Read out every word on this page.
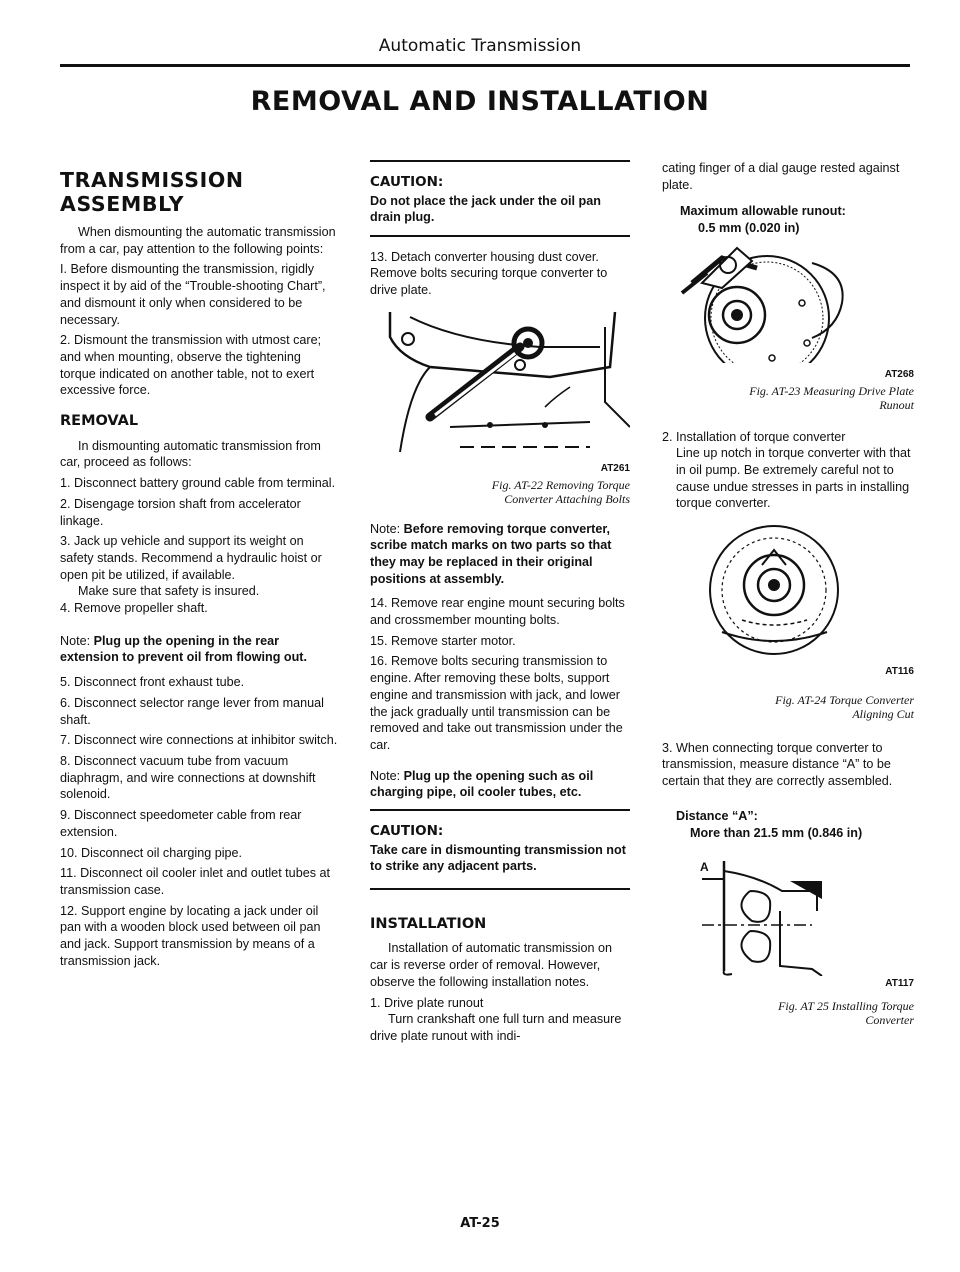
Automatic Transmission
REMOVAL AND INSTALLATION
TRANSMISSION
ASSEMBLY

When dismounting the automatic transmission from a car, pay attention to the following points:

I. Before dismounting the transmission, rigidly inspect it by aid of the “Trouble-shooting Chart”, and dismount it only when considered to be necessary.

2. Dismount the transmission with utmost care; and when mounting, observe the tightening torque indicated on another table, not to exert excessive force.

REMOVAL

In dismounting automatic transmission from car, proceed as follows:

1. Disconnect battery ground cable from terminal.

2. Disengage torsion shaft from accelerator linkage.

3. Jack up vehicle and support its weight on safety stands. Recommend a hydraulic hoist or open pit be utilized, if available.

Make sure that safety is insured.

4. Remove propeller shaft.

Note: Plug up the opening in the rear extension to prevent oil from flowing out.

5. Disconnect front exhaust tube.

6. Disconnect selector range lever from manual shaft.

7. Disconnect wire connections at inhibitor switch.

8. Disconnect vacuum tube from vacuum diaphragm, and wire connections at downshift solenoid.

9. Disconnect speedometer cable from rear extension.

10. Disconnect oil charging pipe.

11. Disconnect oil cooler inlet and outlet tubes at transmission case.

12. Support engine by locating a jack under oil pan with a wooden block used between oil pan and jack. Support transmission by means of a transmission jack.

CAUTION:
Do not place the jack under the oil pan drain plug.

13. Detach converter housing dust cover. Remove bolts securing torque converter to drive plate.

AT261
Fig. AT-22 Removing Torque
Converter Attaching Bolts
Note: Before removing torque converter, scribe match marks on two parts so that they may be replaced in their original positions at assembly.

14. Remove rear engine mount securing bolts and crossmember mounting bolts.

15. Remove starter motor.

16. Remove bolts securing transmission to engine. After removing these bolts, support engine and transmission with jack, and lower the jack gradually until transmission can be removed and take out transmission under the car.

Note: Plug up the opening such as oil charging pipe, oil cooler tubes, etc.
CAUTION:
Take care in dismounting transmission not to strike any adjacent parts.
INSTALLATION

Installation of automatic transmission on car is reverse order of removal. However, observe the following installation notes.

1. Drive plate runout

Turn crankshaft one full turn and measure drive plate runout with indi-

cating finger of a dial gauge rested against plate.

Maximum allowable runout:
0.5 mm (0.020 in)
AT268
Fig. AT-23 Measuring Drive Plate
Runout

2. Installation of torque converter

Line up notch in torque converter with that in oil pump. Be extremely careful not to cause undue stresses in parts in installing torque converter.

AT116
Fig. AT-24 Torque Converter
Aligning Cut

3. When connecting torque converter to transmission, measure distance “A” to be certain that they are correctly assembled.

Distance “A”:
More than 21.5 mm (0.846 in)
A
AT117
Fig. AT 25 Installing Torque
Converter
AT-25
